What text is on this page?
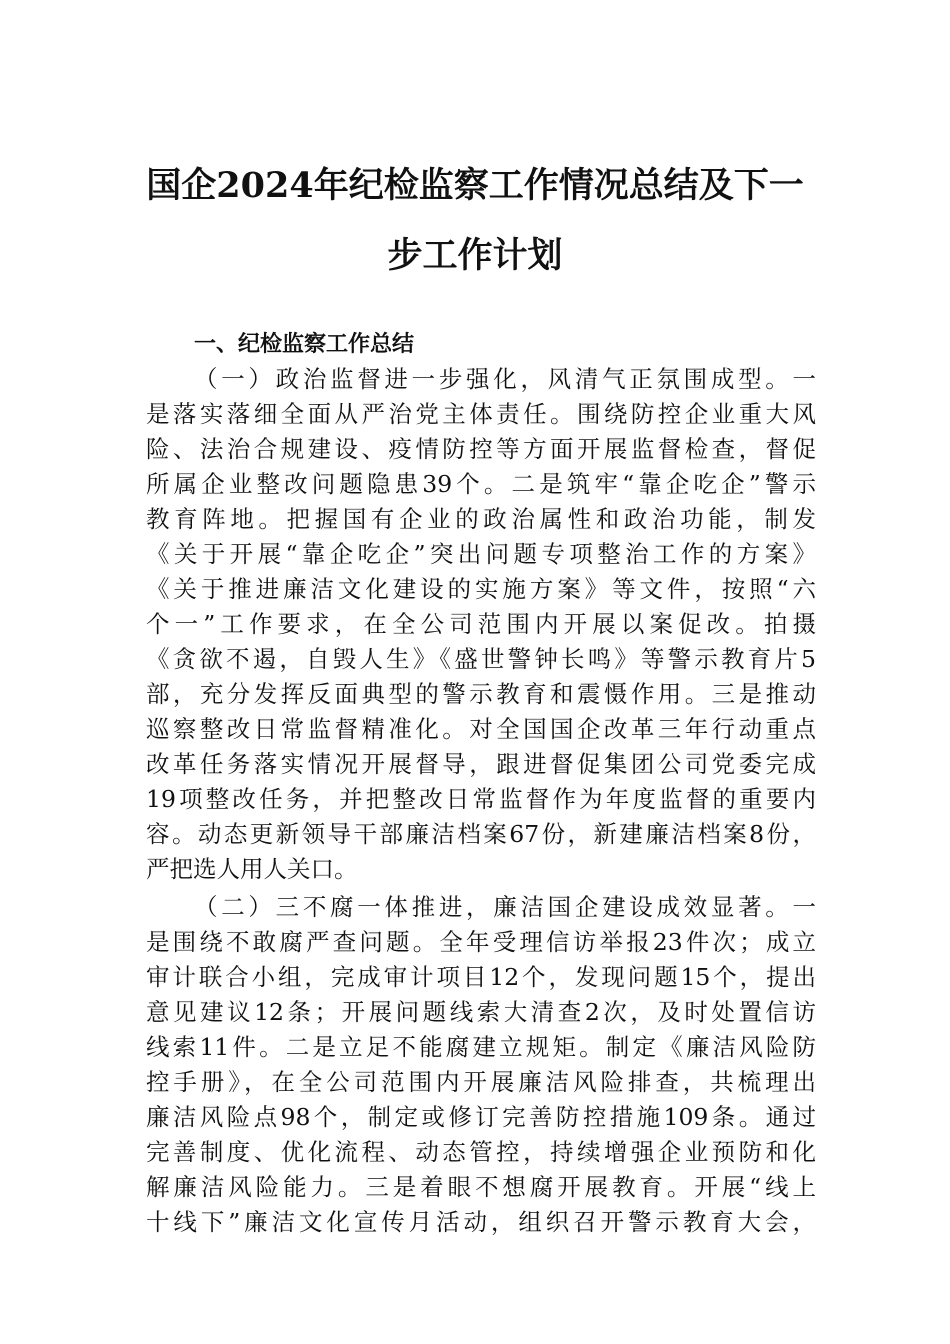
国企2024年纪检监察工作情况总结及下一
步工作计划
一、纪检监察工作总结
（一）政治监督进一步强化，风清气正氛围成型。一
是落实落细全面从严治党主体责任。围绕防控企业重大风
险、法治合规建设、疫情防控等方面开展监督检查，督促
所属企业整改问题隐患39个。二是筑牢“靠企吃企”警示
教育阵地。把握国有企业的政治属性和政治功能，制发
《关于开展“靠企吃企”突出问题专项整治工作的方案》
《关于推进廉洁文化建设的实施方案》等文件，按照“六
个一”工作要求，在全公司范围内开展以案促改。拍摄
《贪欲不遏，自毁人生》《盛世警钟长鸣》等警示教育片5
部，充分发挥反面典型的警示教育和震慑作用。三是推动
巡察整改日常监督精准化。对全国国企改革三年行动重点
改革任务落实情况开展督导，跟进督促集团公司党委完成
19项整改任务，并把整改日常监督作为年度监督的重要内
容。动态更新领导干部廉洁档案67份，新建廉洁档案8份，
严把选人用人关口。
（二）三不腐一体推进，廉洁国企建设成效显著。一
是围绕不敢腐严查问题。全年受理信访举报23件次；成立
审计联合小组，完成审计项目12个，发现问题15个，提出
意见建议12条；开展问题线索大清查2次，及时处置信访
线索11件。二是立足不能腐建立规矩。制定《廉洁风险防
控手册》，在全公司范围内开展廉洁风险排查，共梳理出
廉洁风险点98个，制定或修订完善防控措施109条。通过
完善制度、优化流程、动态管控，持续增强企业预防和化
解廉洁风险能力。三是着眼不想腐开展教育。开展“线上
十线下”廉洁文化宣传月活动，组织召开警示教育大会，
